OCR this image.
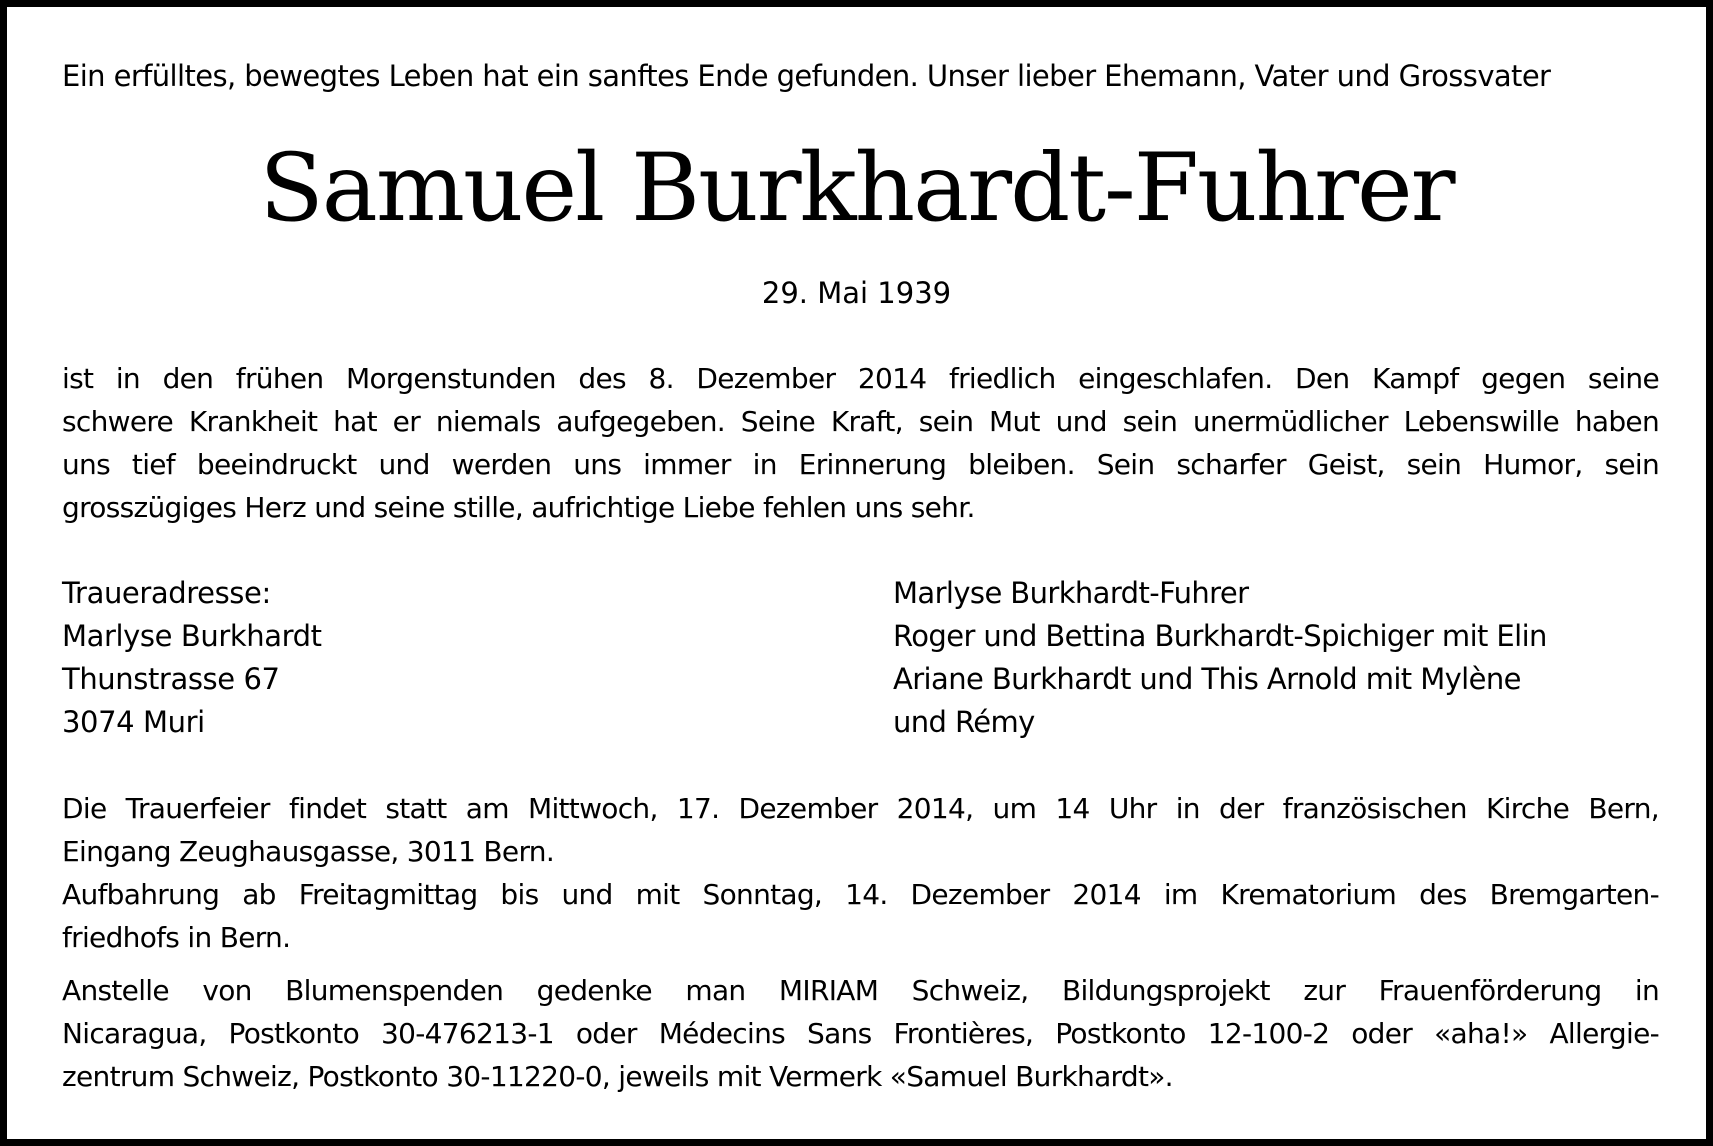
Ein erfülltes, bewegtes Leben hat ein sanftes Ende gefunden. Unser lieber Ehemann, Vater und Grossvater

Samuel Burkhardt-Fuhrer

29. Mai 1939

ist in den frühen Morgenstunden des 8. Dezember 2014 friedlich eingeschlafen. Den Kampf gegen seine
schwere Krankheit hat er niemals aufgegeben. Seine Kraft, sein Mut und sein unermüdlicher Lebenswille haben
uns tief beeindruckt und werden uns immer in Erinnerung bleiben. Sein scharfer Geist, sein Humor, sein
grosszügiges Herz und seine stille, aufrichtige Liebe fehlen uns sehr.

Traueradresse:
Marlyse Burkhardt
Thunstrasse 67
3074 Muri
Marlyse Burkhardt-Fuhrer
Roger und Bettina Burkhardt-Spichiger mit Elin
Ariane Burkhardt und This Arnold mit Mylène
und Rémy

Die Trauerfeier findet statt am Mittwoch, 17. Dezember 2014, um 14 Uhr in der französischen Kirche Bern,
Eingang Zeughausgasse, 3011 Bern.
Aufbahrung ab Freitagmittag bis und mit Sonntag, 14. Dezember 2014 im Krematorium des Bremgarten-
friedhofs in Bern.

Anstelle von Blumenspenden gedenke man MIRIAM Schweiz, Bildungsprojekt zur Frauenförderung in
Nicaragua, Postkonto 30-476213-1 oder Médecins Sans Frontières, Postkonto 12-100-2 oder «aha!» Allergie-
zentrum Schweiz, Postkonto 30-11220-0, jeweils mit Vermerk «Samuel Burkhardt».
